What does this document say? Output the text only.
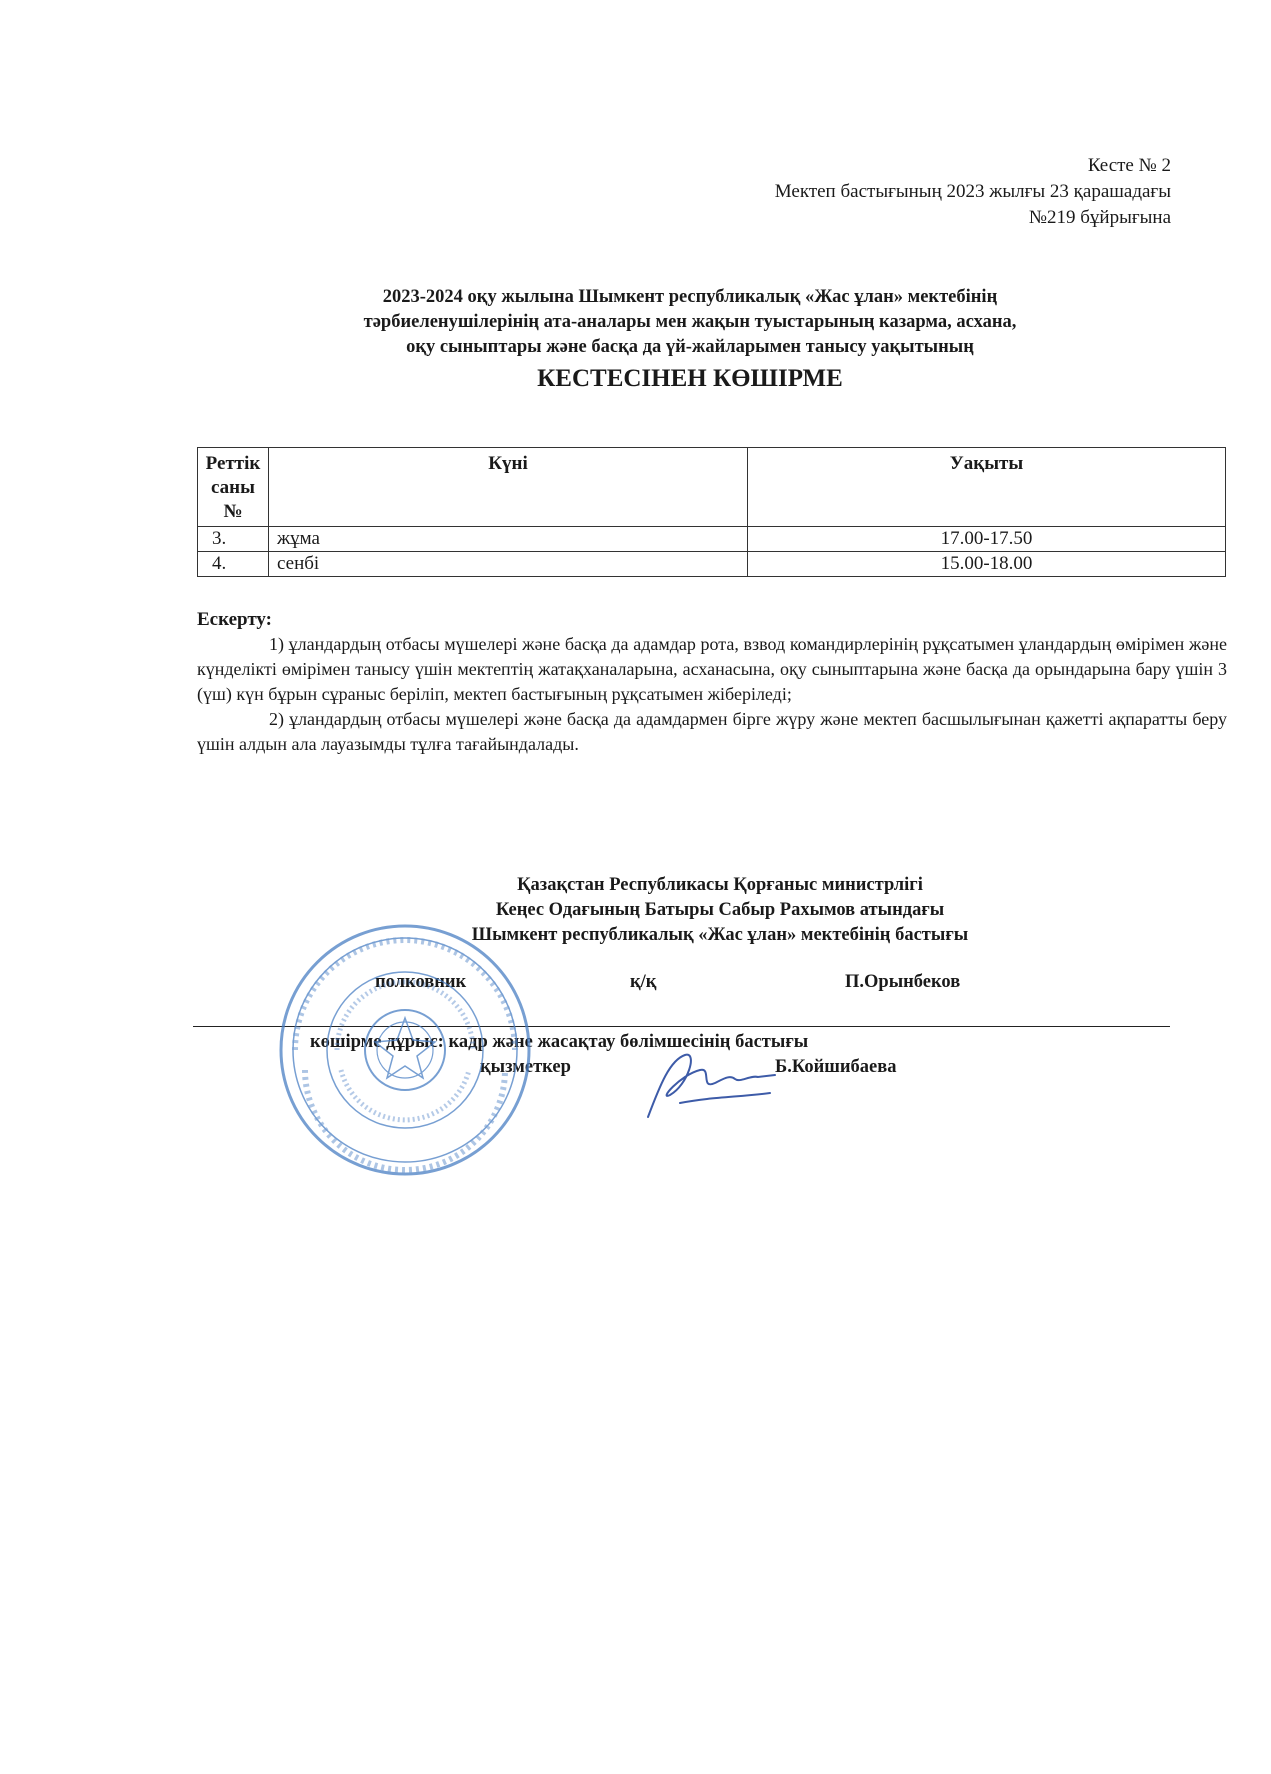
Кесте № 2
Мектеп бастығының 2023 жылғы 23 қарашадағы
№219 бұйрығына
2023-2024 оқу жылына Шымкент республикалық «Жас ұлан» мектебінің
тәрбиеленушілерінің ата-аналары мен жақын туыстарының казарма, асхана,
оқу сыныптары және басқа да үй-жайларымен танысу уақытының
КЕСТЕСІНЕН КӨШІРМЕ
Реттік
саны
№	Күні	Уақыты
3.	жұма	17.00-17.50
4.	сенбі	15.00-18.00
Ескерту:
1) ұландардың отбасы мүшелері және басқа да адамдар рота, взвод командирлерінің рұқсатымен ұландардың өмірімен және күнделікті өмірімен танысу үшін мектептің жатақханаларына, асханасына, оқу сыныптарына және басқа да орындарына бару үшін 3 (үш) күн бұрын сұраныс беріліп, мектеп бастығының рұқсатымен жіберіледі;
2) ұландардың отбасы мүшелері және басқа да адамдармен бірге жүру және мектеп басшылығынан қажетті ақпаратты беру үшін алдын ала лауазымды тұлға тағайындалады.
Қазақстан Республикасы Қорғаныс министрлігі
Кеңес Одағының Батыры Сабыр Рахымов атындағы
Шымкент республикалық «Жас ұлан» мектебінің бастығы
полковник	қ/қ	П.Орынбеков
көшірме дұрыс: кадр және жасақтау бөлімшесінің бастығы
қызметкер	Б.Койшибаева
